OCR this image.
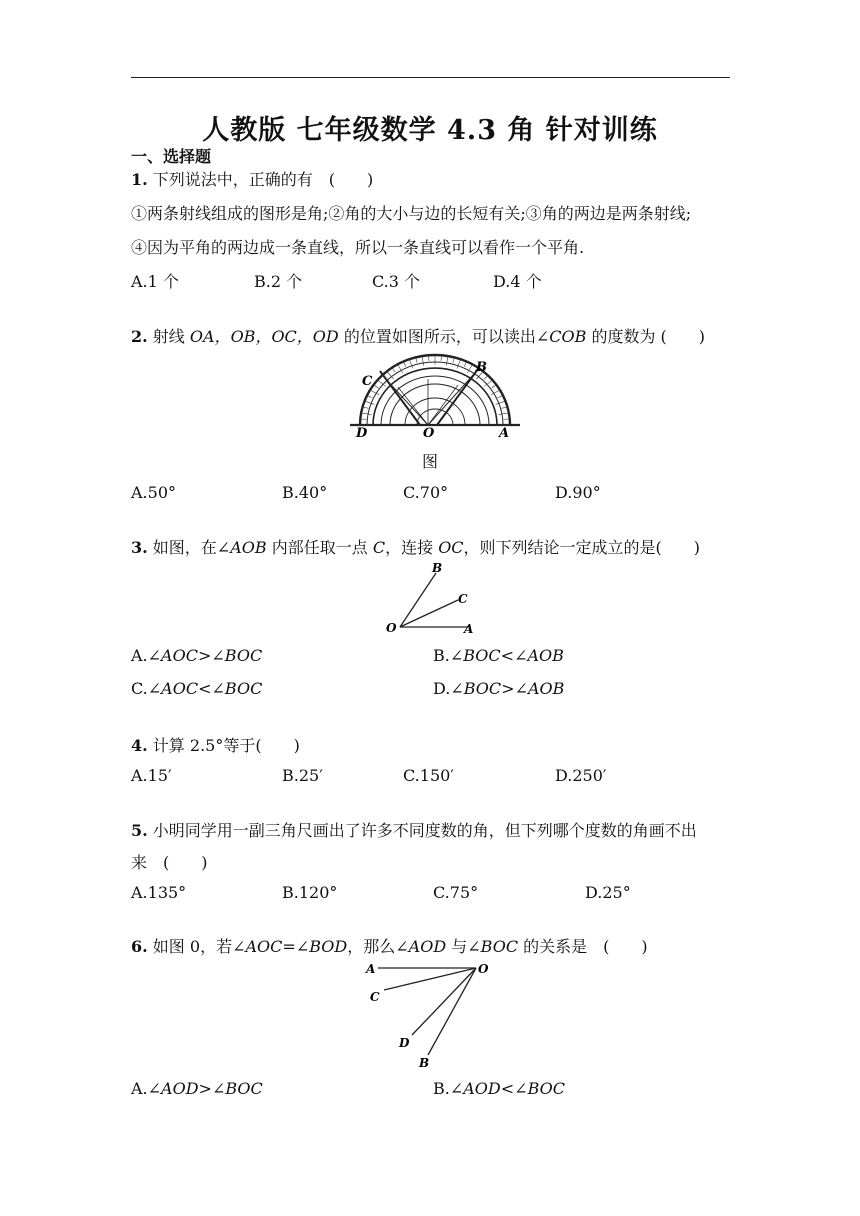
人教版 七年级数学 4.3 角 针对训练
一、选择题
1. 下列说法中，正确的有　(　　)
①两条射线组成的图形是角;②角的大小与边的长短有关;③角的两边是两条射线;
④因为平角的两边成一条直线，所以一条直线可以看作一个平角.
A.1 个	B.2 个	C.3 个	D.4 个
2. 射线 OA，OB，OC，OD 的位置如图所示，可以读出∠COB 的度数为 (　　)
C
B
D	O	A
图
A.50°	B.40°	C.70°	D.90°
3. 如图，在∠AOB 内部任取一点 C，连接 OC，则下列结论一定成立的是(　　)
B
C
O	A
A.∠AOC>∠BOC	B.∠BOC<∠AOB
C.∠AOC<∠BOC	D.∠BOC>∠AOB
4. 计算 2.5°等于(　　)
A.15′	B.25′	C.150′	D.250′
5. 小明同学用一副三角尺画出了许多不同度数的角，但下列哪个度数的角画不出
来　(　　)
A.135°	B.120°	C.75°	D.25°
6. 如图 0，若∠AOC=∠BOD，那么∠AOD 与∠BOC 的关系是　(　　)
A	O
C
D
B
A.∠AOD>∠BOC	B.∠AOD<∠BOC
